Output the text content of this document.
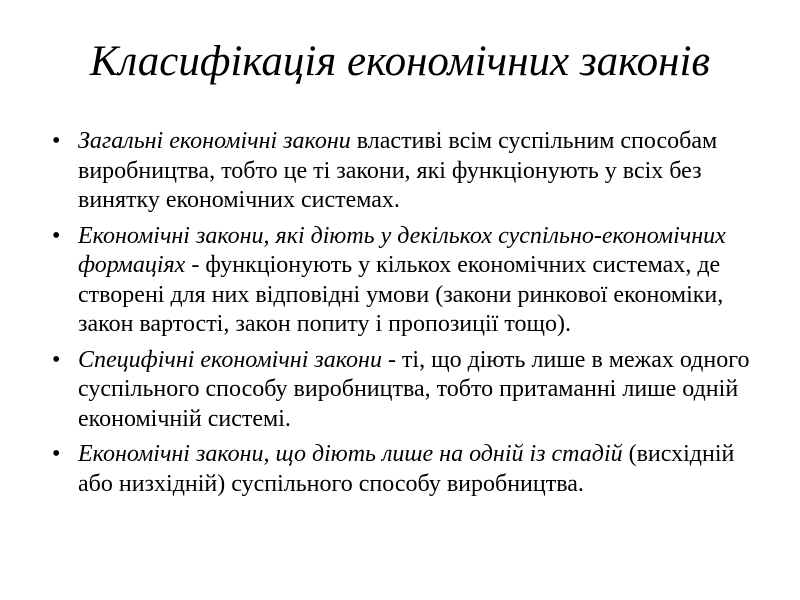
Класифікація економічних законів
• Загальні економічні закони властиві всім суспільним способам виробництва, тобто це ті закони, які функціонують у всіх без винятку економічних системах.
• Економічні закони, які діють у декількох суспільно-економічних формаціях - функціонують у кількох економічних системах, де створені для них відповідні умови (закони ринкової економіки, закон вартості, закон попиту і пропозиції тощо).
• Специфічні економічні закони - ті, що діють лише в межах одного суспільного способу виробництва, тобто притаманні лише одній економічній системі.
• Економічні закони, що діють лише на одній із стадій (висхідній або низхідній) суспільного способу виробництва.
